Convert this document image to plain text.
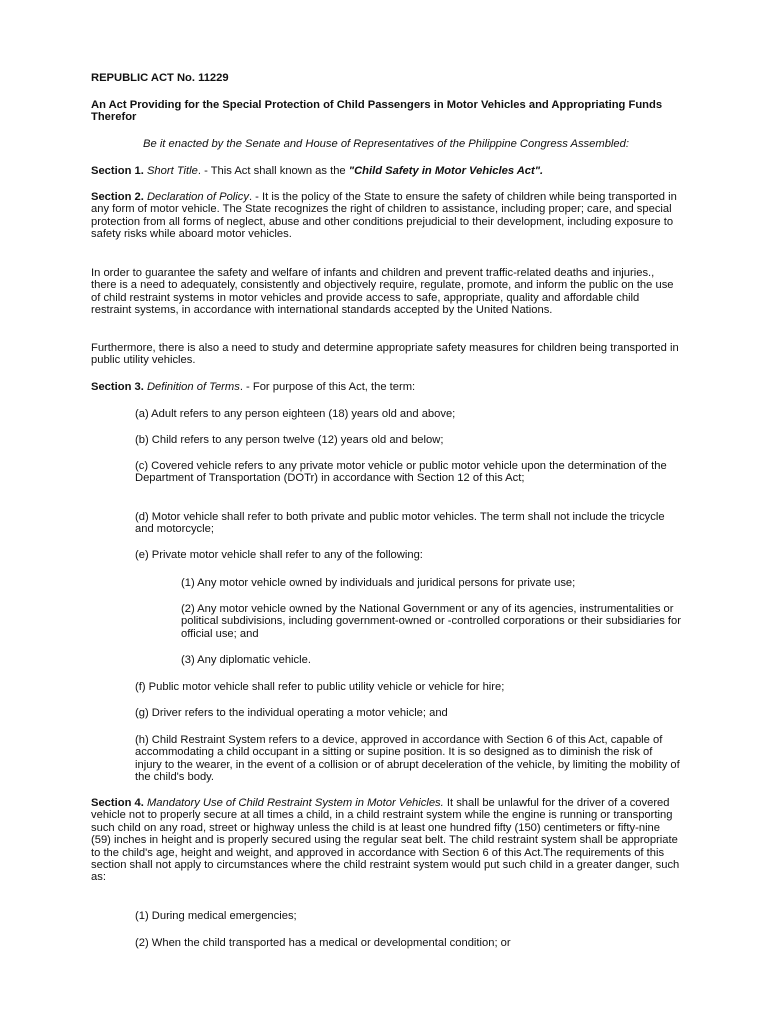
REPUBLIC ACT No. 11229

An Act Providing for the Special Protection of Child Passengers in Motor Vehicles and Appropriating Funds Therefor

Be it enacted by the Senate and House of Representatives of the Philippine Congress Assembled:

Section 1. Short Title. - This Act shall known as the "Child Safety in Motor Vehicles Act".

Section 2. Declaration of Policy. - It is the policy of the State to ensure the safety of children while being transported in any form of motor vehicle. The State recognizes the right of children to assistance, including proper; care, and special protection from all forms of neglect, abuse and other conditions prejudicial to their development, including exposure to safety risks while aboard motor vehicles.

In order to guarantee the safety and welfare of infants and children and prevent traffic-related deaths and injuries., there is a need to adequately, consistently and objectively require, regulate, promote, and inform the public on the use of child restraint systems in motor vehicles and provide access to safe, appropriate, quality and affordable child restraint systems, in accordance with international standards accepted by the United Nations.

Furthermore, there is also a need to study and determine appropriate safety measures for children being transported in public utility vehicles.

Section 3. Definition of Terms. - For purpose of this Act, the term:

(a) Adult refers to any person eighteen (18) years old and above;

(b) Child refers to any person twelve (12) years old and below;

(c) Covered vehicle refers to any private motor vehicle or public motor vehicle upon the determination of the Department of Transportation (DOTr) in accordance with Section 12 of this Act;

(d) Motor vehicle shall refer to both private and public motor vehicles. The term shall not include the tricycle and motorcycle;

(e) Private motor vehicle shall refer to any of the following:

(1) Any motor vehicle owned by individuals and juridical persons for private use;

(2) Any motor vehicle owned by the National Government or any of its agencies, instrumentalities or political subdivisions, including government-owned or -controlled corporations or their subsidiaries for official use; and

(3) Any diplomatic vehicle.

(f) Public motor vehicle shall refer to public utility vehicle or vehicle for hire;

(g) Driver refers to the individual operating a motor vehicle; and

(h) Child Restraint System refers to a device, approved in accordance with Section 6 of this Act, capable of accommodating a child occupant in a sitting or supine position. It is so designed as to diminish the risk of injury to the wearer, in the event of a collision or of abrupt deceleration of the vehicle, by limiting the mobility of the child's body.

Section 4. Mandatory Use of Child Restraint System in Motor Vehicles. It shall be unlawful for the driver of a covered vehicle not to properly secure at all times a child, in a child restraint system while the engine is running or transporting such child on any road, street or highway unless the child is at least one hundred fifty (150) centimeters or fifty-nine (59) inches in height and is properly secured using the regular seat belt. The child restraint system shall be appropriate to the child's age, height and weight, and approved in accordance with Section 6 of this Act.The requirements of this section shall not apply to circumstances where the child restraint system would put such child in a greater danger, such as:

(1) During medical emergencies;

(2) When the child transported has a medical or developmental condition; or
